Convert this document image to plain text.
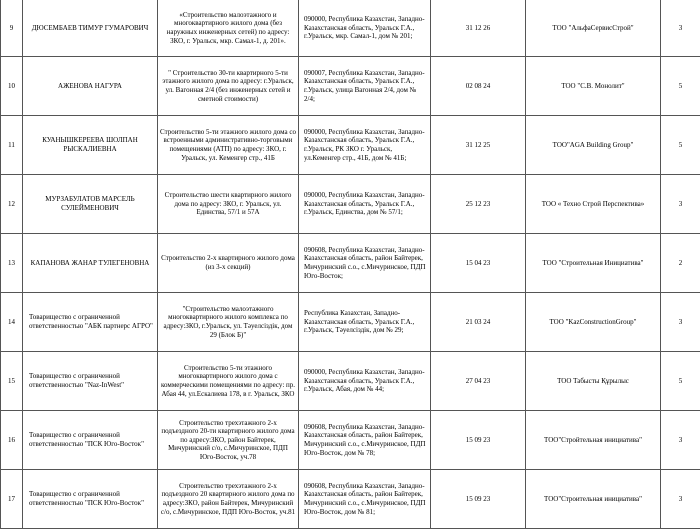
9	ДЮСЕМБАЕВ ТИМУР ГУМАРОВИЧ	«Строительство малоэтажного и многоквартирного жилого дома (без наружных инженерных сетей) по адресу: ЗКО, г. Уральск, мкр. Самал-1, д. 201».	090000, Республика Казахстан, Западно-Казахстанская область, Уральск Г.А., г.Уральск, мкр. Самал-1, дом № 201;	31 12 26	ТОО "АльфаСервисСтрой"	3
10	АЖЕНОВА НАГУРА	" Строительство 30-ти квартирного 5-ти этажного жилого дома по адресу: г.Уральск, ул. Вагонная 2/4 (без инженерных сетей и сметной стоимости)	090007, Республика Казахстан, Западно-Казахстанская область, Уральск Г.А., г.Уральск, улица Вагонная 2/4, дом № 2/4;	02 08 24	ТОО "С.В. Монолит"	5
11	КУАНЫШКЕРЕЕВА ШОЛПАН РЫСКАЛИЕВНА	Строительство 5-ти этажного жилого дома со встроенными административно-торговыми помещениями (АТП) по адресу: ЗКО, г. Уральск, ул. Кеменгер стр., 41Б	090000, Республика Казахстан, Западно-Казахстанская область, Уральск Г.А., г.Уральск, РК ЗКО г. Уральск, ул.Кеменгер стр., 41Б, дом № 41Б;	31 12 25	ТОО"AGA Building Group"	5
12	МУРЗАБУЛАТОВ МАРСЕЛЬ СУЛЕЙМЕНОВИЧ	Строительство шести квартирного жилого дома по адресу: ЗКО, г. Уральск, ул. Единства, 57/1 и 57А	090000, Республика Казахстан, Западно-Казахстанская область, Уральск Г.А., г.Уральск, Единства, дом № 57/1;	25 12 23	ТОО « Техно Строй Перспектива»	3
13	КАПАНОВА ЖАНАР ТУЛЕГЕНОВНА	Строительство 2-х квартирного жилого дома (из 3-х секций)	090608, Республика Казахстан, Западно-Казахстанская область, район Байтерек, Мичуринский с.о., с.Мичуринское, ПДП Юго-Восток;	15 04 23	ТОО "Строительная Инициатива"	2
14	Товарищество с ограниченной ответственностью "АБК партнерс АГРО"	"Строительство малоэтажного многоквартирного жилого комплекса по адресу:ЗКО, г.Уральск, ул. Тәуелсіздік, дом 29 (Блок Б)"	Республика Казахстан, Западно-Казахстанская область, Уральск Г.А., г.Уральск, Тәуелсіздік, дом № 29;	21 03 24	ТОО "KazConstructionGroup"	3
15	Товарищество с ограниченной ответственностью "Naz-InWest"	Строительство 5-ти этажного многоквартирного жилого дома с коммерческими помещениями по адресу: пр. Абая 44, ул.Ескалиева 178, в г. Уральск, ЗКО	090000, Республика Казахстан, Западно-Казахстанская область, Уральск Г.А., г.Уральск, Абая, дом № 44;	27 04 23	ТОО Табысты Құрылыс	5
16	Товарищество с ограниченной ответственностью "ПСК Юго-Восток"	Строительство трехэтажного 2-х подъездного 20-ти квартирного жилого дома по адресу:ЗКО, район Байтерек, Мичуринский с/о, с.Мичуринское, ПДП Юго-Восток, уч.78	090608, Республика Казахстан, Западно-Казахстанская область, район Байтерек, Мичуринский с.о., с.Мичуринское, ПДП Юго-Восток, дом № 78;	15 09 23	ТОО"Стройтельная инициатива"	3
17	Товарищество с ограниченной ответственностью "ПСК Юго-Восток"	Строительство трехэтажного 2-х подъездного 20 квартирного жилого дома по адресу:ЗКО, район Байтерек, Мичуринский с/о, с.Мичуринское, ПДП Юго-Восток, уч.81	090608, Республика Казахстан, Западно-Казахстанская область, район Байтерек, Мичуринский с.о., с.Мичуринское, ПДП Юго-Восток, дом № 81;	15 09 23	ТОО"Строительная инициатива"	3
